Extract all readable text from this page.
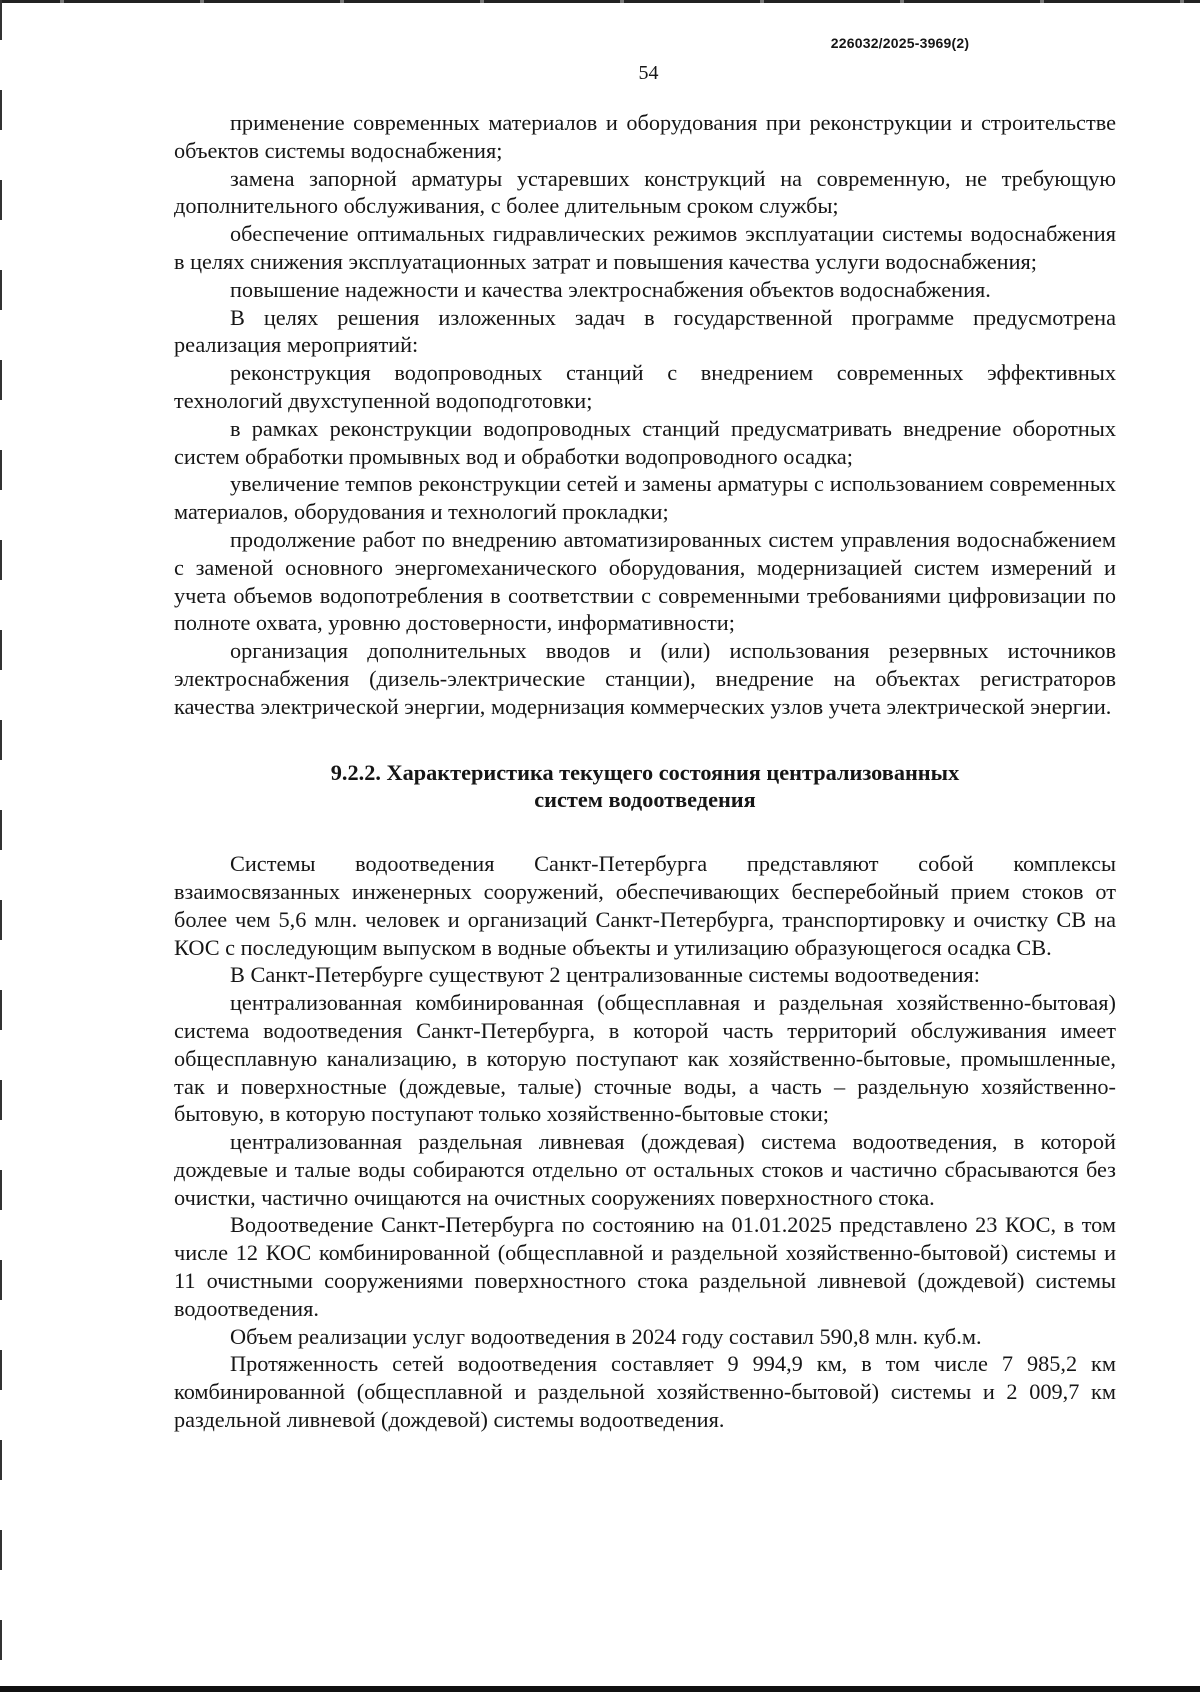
226032/2025-3969(2)
54

применение современных материалов и оборудования при реконструкции и строительстве объектов системы водоснабжения;

замена запорной арматуры устаревших конструкций на современную, не требующую дополнительного обслуживания, с более длительным сроком службы;

обеспечение оптимальных гидравлических режимов эксплуатации системы водоснабжения в целях снижения эксплуатационных затрат и повышения качества услуги водоснабжения;

повышение надежности и качества электроснабжения объектов водоснабжения.

В целях решения изложенных задач в государственной программе предусмотрена реализация мероприятий:

реконструкция водопроводных станций с внедрением современных эффективных технологий двухступенной водоподготовки;

в рамках реконструкции водопроводных станций предусматривать внедрение оборотных систем обработки промывных вод и обработки водопроводного осадка;

увеличение темпов реконструкции сетей и замены арматуры с использованием современных материалов, оборудования и технологий прокладки;

продолжение работ по внедрению автоматизированных систем управления водоснабжением с заменой основного энергомеханического оборудования, модернизацией систем измерений и учета объемов водопотребления в соответствии с современными требованиями цифровизации по полноте охвата, уровню достоверности, информативности;

организация дополнительных вводов и (или) использования резервных источников электроснабжения (дизель-электрические станции), внедрение на объектах регистраторов качества электрической энергии, модернизация коммерческих узлов учета электрической энергии.

9.2.2. Характеристика текущего состояния централизованных
систем водоотведения

Системы водоотведения Санкт-Петербурга представляют собой комплексы взаимосвязанных инженерных сооружений, обеспечивающих бесперебойный прием стоков от более чем 5,6 млн. человек и организаций Санкт-Петербурга, транспортировку и очистку СВ на КОС с последующим выпуском в водные объекты и утилизацию образующегося осадка СВ.

В Санкт-Петербурге существуют 2 централизованные системы водоотведения:

централизованная комбинированная (общесплавная и раздельная хозяйственно-бытовая) система водоотведения Санкт-Петербурга, в которой часть территорий обслуживания имеет общесплавную канализацию, в которую поступают как хозяйственно-бытовые, промышленные, так и поверхностные (дождевые, талые) сточные воды, а часть – раздельную хозяйственно-бытовую, в которую поступают только хозяйственно-бытовые стоки;

централизованная раздельная ливневая (дождевая) система водоотведения, в которой дождевые и талые воды собираются отдельно от остальных стоков и частично сбрасываются без очистки, частично очищаются на очистных сооружениях поверхностного стока.

Водоотведение Санкт-Петербурга по состоянию на 01.01.2025 представлено 23 КОС, в том числе 12 КОС комбинированной (общесплавной и раздельной хозяйственно-бытовой) системы и 11 очистными сооружениями поверхностного стока раздельной ливневой (дождевой) системы водоотведения.

Объем реализации услуг водоотведения в 2024 году составил 590,8 млн. куб.м.

Протяженность сетей водоотведения составляет 9 994,9 км, в том числе 7 985,2 км комбинированной (общесплавной и раздельной хозяйственно-бытовой) системы и 2 009,7 км раздельной ливневой (дождевой) системы водоотведения.
